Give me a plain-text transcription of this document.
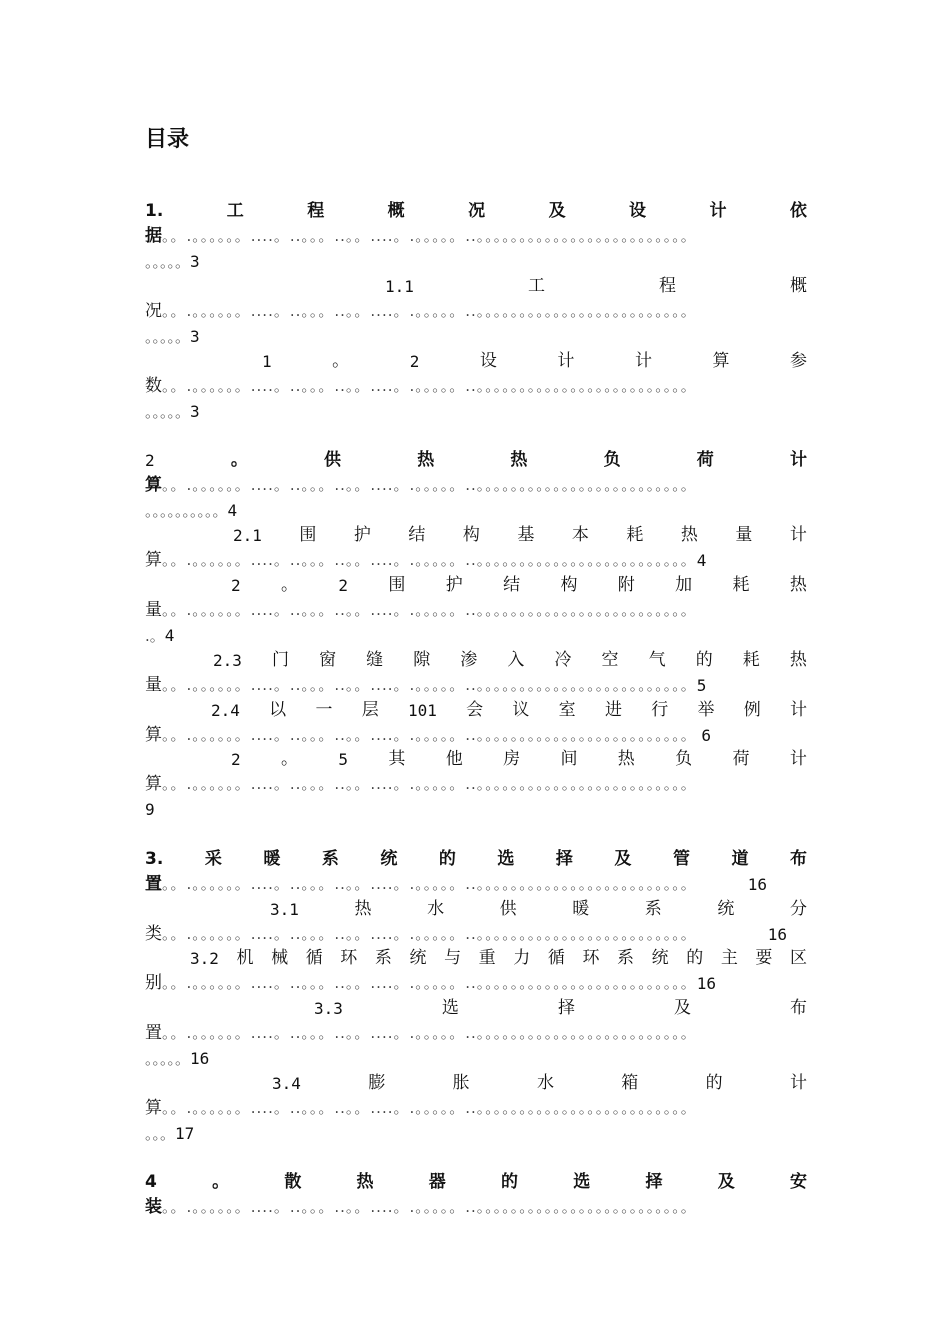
目录
1.	工	程	概	况	及	设	计	依
据 。。.。。。。。。....。..。。。..。。....。.。。。。。..。。。。。。。。。。。。。。。。。。。。。。。。。
。。。。。3
1.1	工	程	概
况 。。.。。。。。。....。..。。。..。。....。.。。。。。..。。。。。。。。。。。。。。。。。。。。。。。。。
。。。。。3
1	。	2	设	计	计	算	参
数 。。.。。。。。。....。..。。。..。。....。.。。。。。..。。。。。。。。。。。。。。。。。。。。。。。。。
。。。。。3
2	。	供	热	热	负	荷	计
算 。。.。。。。。。....。..。。。..。。....。.。。。。。..。。。。。。。。。。。。。。。。。。。。。。。。。
。。。。。。。。。。4
2.1 围 护 结 构 基 本 耗 热 量 计
算 。。.。。。。。。....。..。。。..。。....。.。。。。。..。。。。。。。。。。。。。。。。。。。。。。。。。 4
2 。	2 围 护 结 构 附 加 耗 热
量 。。.。。。。。。....。..。。。..。。....。.。。。。。..。。。。。。。。。。。。。。。。。。。。。。。。。
.。4
2.3 门 窗 缝 隙 渗 入 冷 空 气 的 耗 热
量 。。.。。。。。。....。..。。。..。。....。.。。。。。..。。。。。。。。。。。。。。。。。。。。。。。。。 5
2.4 以 一 层 101 会 议 室 进 行 举 例 计
算 。。.。。。。。。....。..。。。..。。....。.。。。。。..。。。。。。。。。。。。。。。。。。。。。。。。。 6
2 。	5 其 他 房 间 热 负 荷 计
算 。。.。。。。。。....。..。。。..。。....。.。。。。。..。。。。。。。。。。。。。。。。。。。。。。。。。
9
3. 采 暖 系 统 的 选 择 及 管 道 布
置 。。.。。。。。。....。..。。。..。。....。.。。。。。..。。。。。。。。。。。。。。。。。。。。。。。。。	16
3.1	热	水	供	暖	系	统	分
类 。。.。。。。。。....。..。。。..。。....。.。。。。。..。。。。。。。。。。。。。。。。。。。。。。。。。	16
3.2 机 械 循 环 系 统 与 重 力 循 环 系 统 的 主 要 区
别 。。.。。。。。。....。..。。。..。。....。.。。。。。..。。。。。。。。。。。。。。。。。。。。。。。。。 16
3.3	选	择	及	布
置 。。.。。。。。。....。..。。。..。。....。.。。。。。..。。。。。。。。。。。。。。。。。。。。。。。。。
。。。。。16
3.4	膨	胀	水	箱	的	计
算 。。.。。。。。。....。..。。。..。。....。.。。。。。..。。。。。。。。。。。。。。。。。。。。。。。。。
。。。17
4	。	散	热	器	的	选	择	及	安
装 。。.。。。。。。....。..。。。..。。....。.。。。。。..。。。。。。。。。。。。。。。。。。。。。。。。。
